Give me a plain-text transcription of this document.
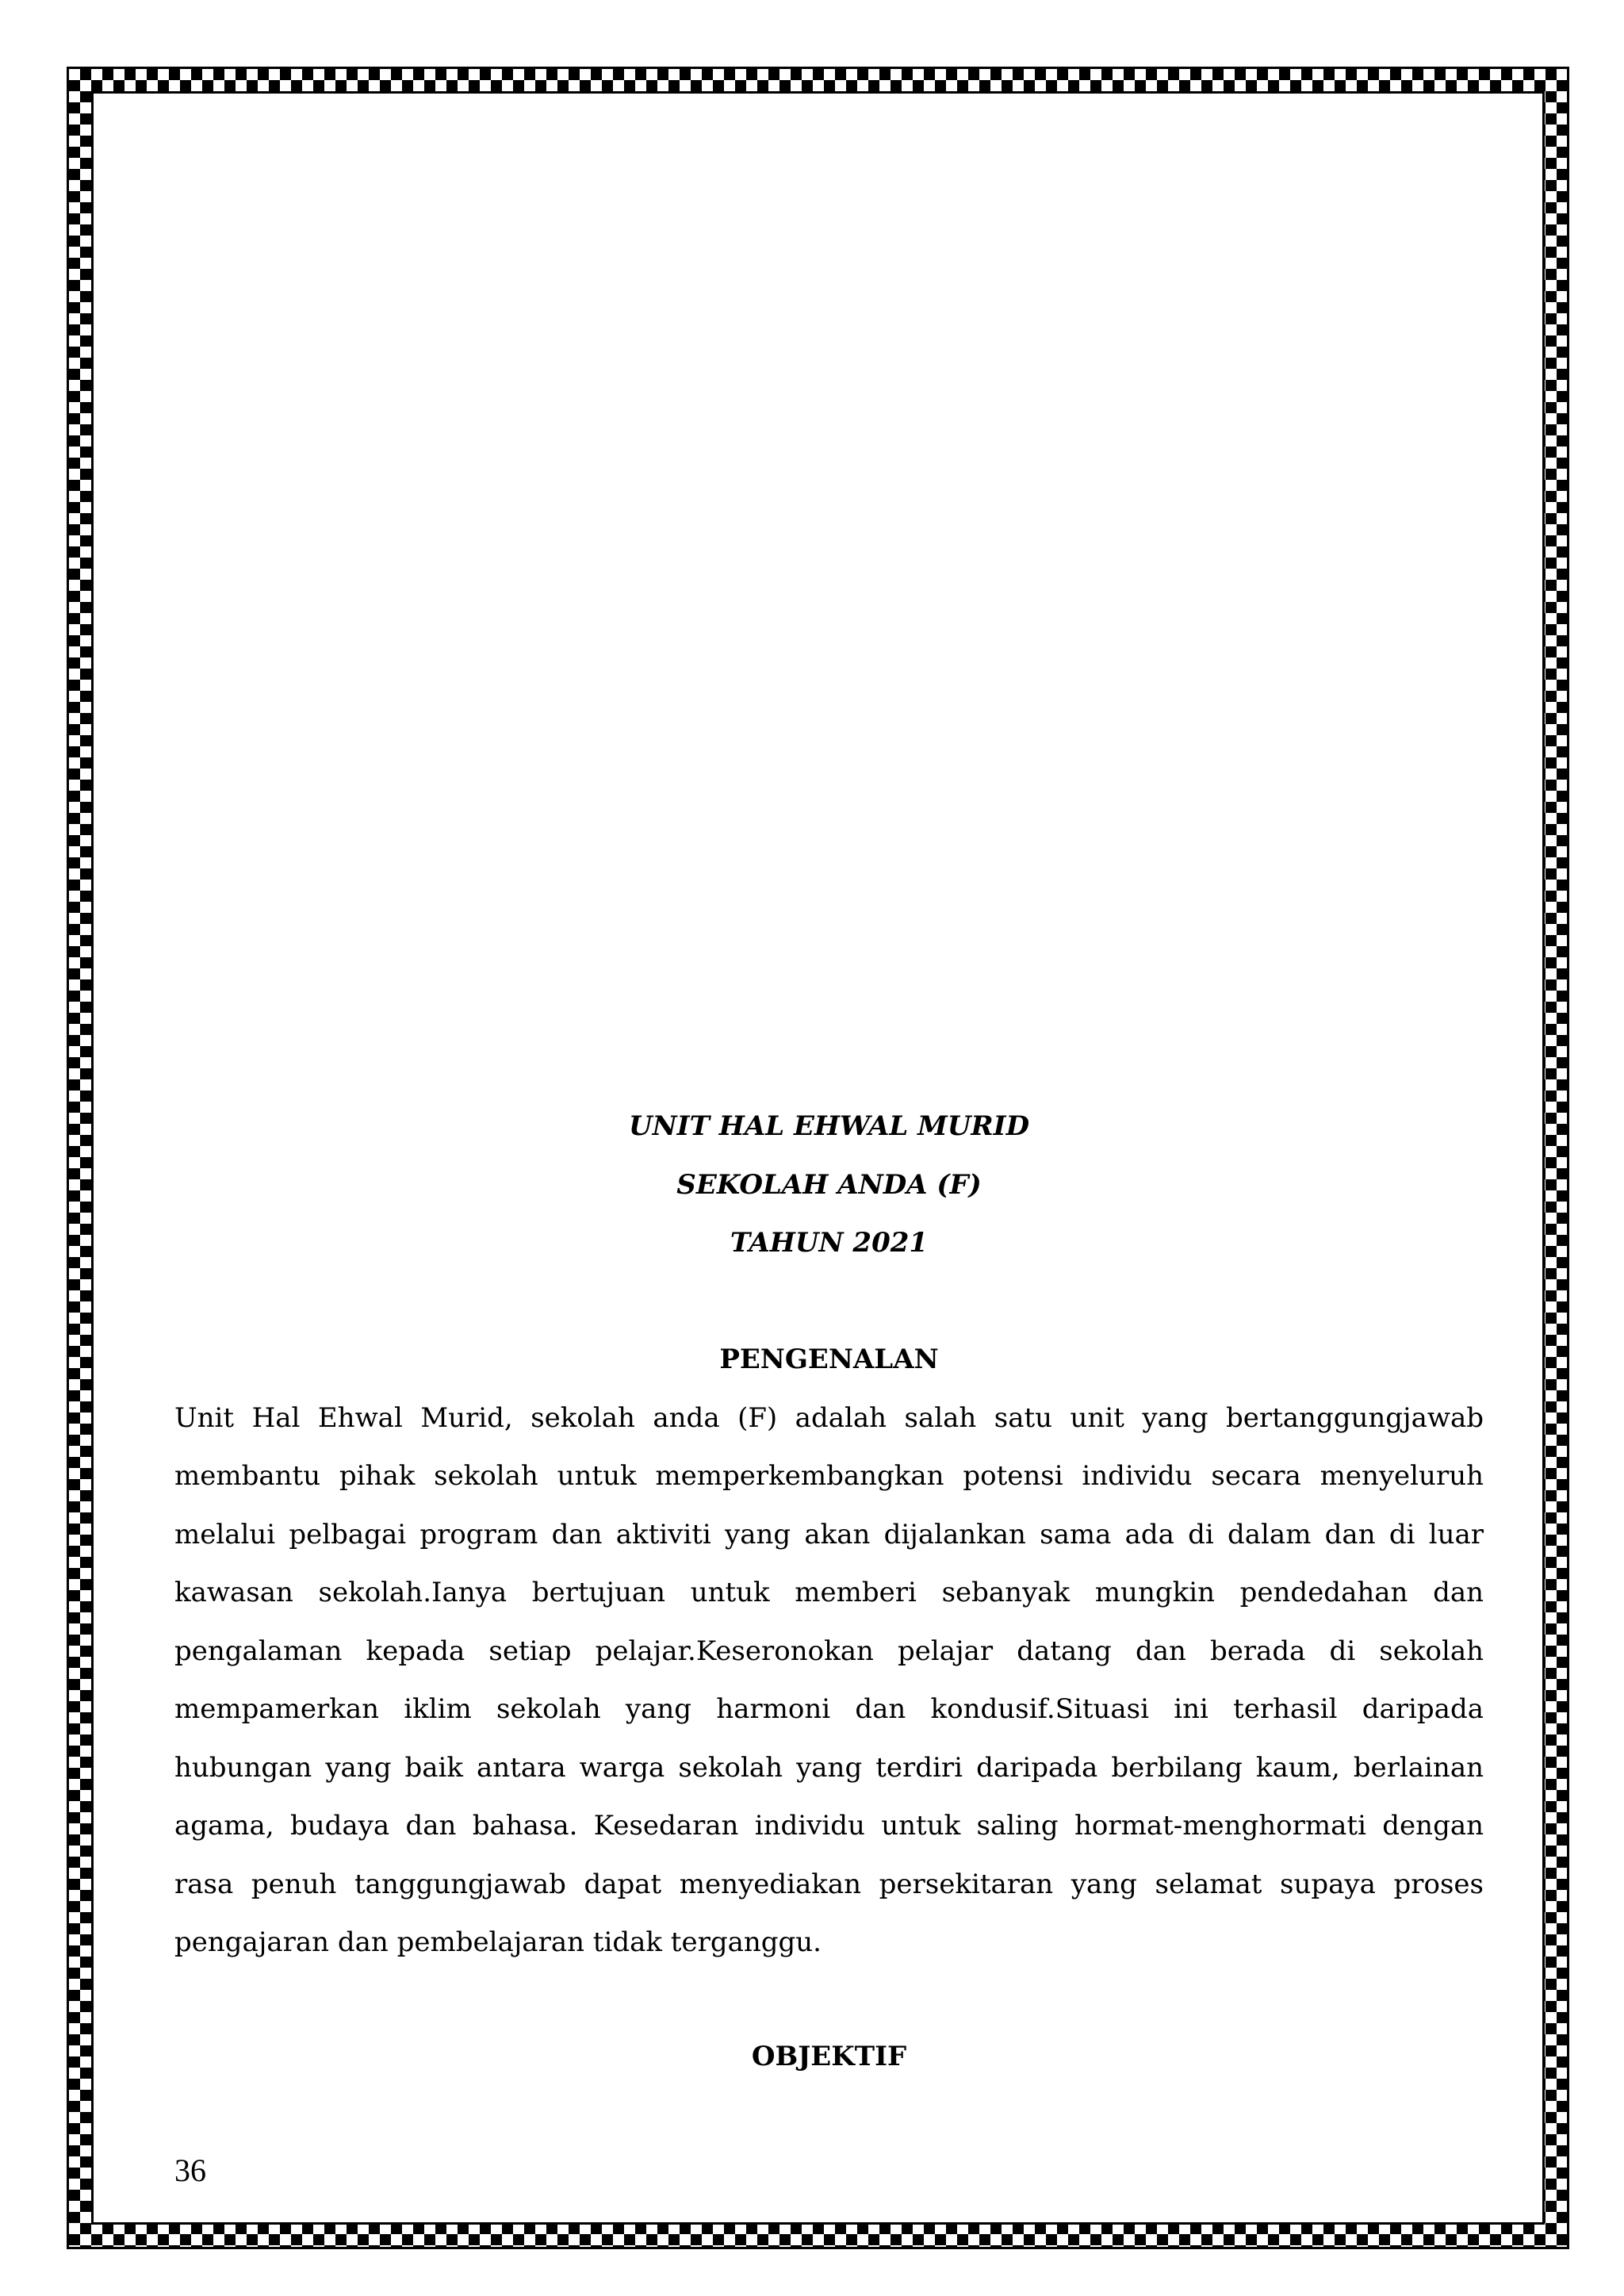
UNIT HAL EHWAL MURID
SEKOLAH ANDA (F)
TAHUN 2021
PENGENALAN
Unit Hal Ehwal Murid, sekolah anda (F) adalah salah satu unit yang bertanggungjawab
membantu pihak sekolah untuk memperkembangkan potensi individu secara menyeluruh
melalui pelbagai program dan aktiviti yang akan dijalankan sama ada di dalam dan di luar
kawasan sekolah.Ianya bertujuan untuk memberi sebanyak mungkin pendedahan dan
pengalaman kepada setiap pelajar.Keseronokan pelajar datang dan berada di sekolah
mempamerkan iklim sekolah yang harmoni dan kondusif.Situasi ini terhasil daripada
hubungan yang baik antara warga sekolah yang terdiri daripada berbilang kaum, berlainan
agama, budaya dan bahasa. Kesedaran individu untuk saling hormat-menghormati dengan
rasa penuh tanggungjawab dapat menyediakan persekitaran yang selamat supaya proses
pengajaran dan pembelajaran tidak terganggu.
OBJEKTIF
36
